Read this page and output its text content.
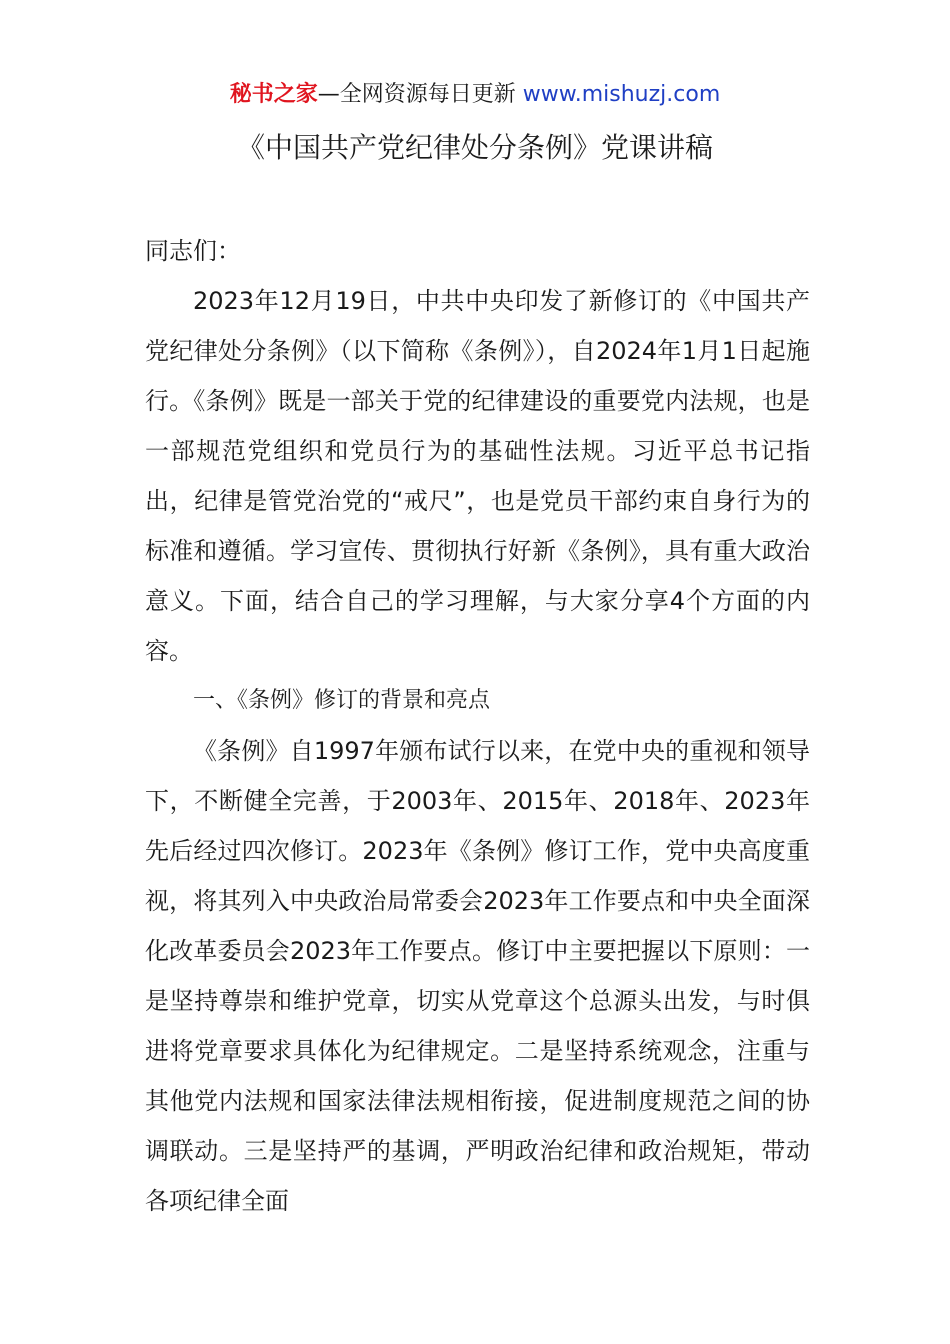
秘书之家—全网资源每日更新 www.mishuzj.com
《中国共产党纪律处分条例》党课讲稿

同志们：

2023年12月19日，中共中央印发了新修订的《中国共产党纪律处分条例》（以下简称《条例》），自2024年1月1日起施行。《条例》既是一部关于党的纪律建设的重要党内法规，也是一部规范党组织和党员行为的基础性法规。习近平总书记指出，纪律是管党治党的“戒尺”，也是党员干部约束自身行为的标准和遵循。学习宣传、贯彻执行好新《条例》，具有重大政治意义。下面，结合自己的学习理解，与大家分享4个方面的内容。

一、《条例》修订的背景和亮点

《条例》自1997年颁布试行以来，在党中央的重视和领导下，不断健全完善，于2003年、2015年、2018年、2023年先后经过四次修订。2023年《条例》修订工作，党中央高度重视，将其列入中央政治局常委会2023年工作要点和中央全面深化改革委员会2023年工作要点。修订中主要把握以下原则：一是坚持尊崇和维护党章，切实从党章这个总源头出发，与时俱进将党章要求具体化为纪律规定。二是坚持系统观念，注重与其他党内法规和国家法律法规相衔接，促进制度规范之间的协调联动。三是坚持严的基调，严明政治纪律和政治规矩，带动各项纪律全面
